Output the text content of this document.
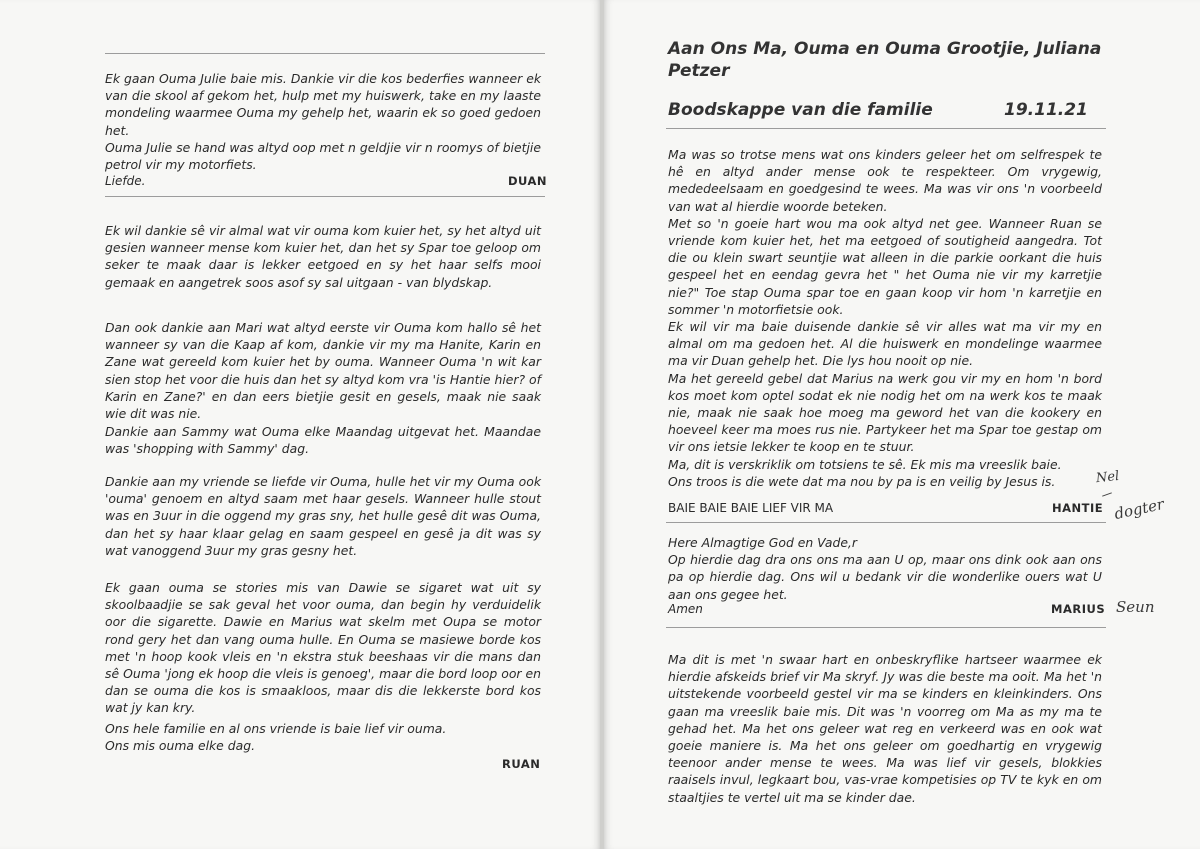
Ek gaan Ouma Julie baie mis. Dankie vir die kos bederfies wanneer ek van die skool af gekom het, hulp met my huiswerk, take en my laaste mondeling waarmee Ouma my gehelp het, waarin ek so goed gedoen het.
Ouma Julie se hand was altyd oop met n geldjie vir n roomys of bietjie petrol vir my motorfiets.

Liefde.	DUAN

Ek wil dankie sê vir almal wat vir ouma kom kuier het, sy het altyd uit gesien wanneer mense kom kuier het, dan het sy Spar toe geloop om seker te maak daar is lekker eetgoed en sy het haar selfs mooi gemaak en aangetrek soos asof sy sal uitgaan - van blydskap.

Dan ook dankie aan Mari wat altyd eerste vir Ouma kom hallo sê het wanneer sy van die Kaap af kom, dankie vir my ma Hanite, Karin en Zane wat gereeld kom kuier het by ouma. Wanneer Ouma 'n wit kar sien stop het voor die huis dan het sy altyd kom vra 'is Hantie hier? of Karin en Zane?' en dan eers bietjie gesit en gesels, maak nie saak wie dit was nie.

Dankie aan Sammy wat Ouma elke Maandag uitgevat het. Maandae was 'shopping with Sammy' dag.

Dankie aan my vriende se liefde vir Ouma, hulle het vir my Ouma ook 'ouma' genoem en altyd saam met haar gesels. Wanneer hulle stout was en 3uur in die oggend my gras sny, het hulle gesê dit was Ouma, dan het sy haar klaar gelag en saam gespeel en gesê ja dit was sy wat vanoggend 3uur my gras gesny het.

Ek gaan ouma se stories mis van Dawie se sigaret wat uit sy skoolbaadjie se sak geval het voor ouma, dan begin hy verduidelik oor die sigarette. Dawie en Marius wat skelm met Oupa se motor rond gery het dan vang ouma hulle. En Ouma se masiewe borde kos met 'n hoop kook vleis en 'n ekstra stuk beeshaas vir die mans dan sê Ouma 'jong ek hoop die vleis is genoeg', maar die bord loop oor en dan se ouma die kos is smaakloos, maar dis die lekkerste bord kos wat jy kan kry.

Ons hele familie en al ons vriende is baie lief vir ouma.
Ons mis ouma elke dag.

RUAN
Aan Ons Ma, Ouma en Ouma Grootjie, Juliana Petzer
Boodskappe van die familie	19.11.21

Ma was so trotse mens wat ons kinders geleer het om selfrespek te hê en altyd ander mense ook te respekteer. Om vrygewig, mededeelsaam en goedgesind te wees. Ma was vir ons 'n voorbeeld van wat al hierdie woorde beteken.
Met so 'n goeie hart wou ma ook altyd net gee. Wanneer Ruan se vriende kom kuier het, het ma eetgoed of soutigheid aangedra. Tot die ou klein swart seuntjie wat alleen in die parkie oorkant die huis gespeel het en eendag gevra het " het Ouma nie vir my karretjie nie?" Toe stap Ouma spar toe en gaan koop vir hom 'n karretjie en sommer 'n motorfietsie ook.
Ek wil vir ma baie duisende dankie sê vir alles wat ma vir my en almal om ma gedoen het. Al die huiswerk en mondelinge waarmee ma vir Duan gehelp het. Die lys hou nooit op nie.
Ma het gereeld gebel dat Marius na werk gou vir my en hom 'n bord kos moet kom optel sodat ek nie nodig het om na werk kos te maak nie, maak nie saak hoe moeg ma geword het van die kookery en hoeveel keer ma moes rus nie. Partykeer het ma Spar toe gestap om vir ons ietsie lekker te koop en te stuur.
Ma, dit is verskriklik om totsiens te sê. Ek mis ma vreeslik baie.
Ons troos is die wete dat ma nou by pa is en veilig by Jesus is.

BAIE BAIE BAIE LIEF VIR MA	HANTIE
Nel
dogter

Here Almagtige God en Vade,r
Op hierdie dag dra ons ons ma aan U op, maar ons dink ook aan ons pa op hierdie dag. Ons wil u bedank vir die wonderlike ouers wat U aan ons gegee het.

Amen	MARIUS Seun

Ma dit is met 'n swaar hart en onbeskryflike hartseer waarmee ek hierdie afskeids brief vir Ma skryf. Jy was die beste ma ooit. Ma het 'n uitstekende voorbeeld gestel vir ma se kinders en kleinkinders. Ons gaan ma vreeslik baie mis. Dit was 'n voorreg om Ma as my ma te gehad het. Ma het ons geleer wat reg en verkeerd was en ook wat goeie maniere is. Ma het ons geleer om goedhartig en vrygewig teenoor ander mense te wees. Ma was lief vir gesels, blokkies raaisels invul, legkaart bou, vas-vrae kompetisies op TV te kyk en om staaltjies te vertel uit ma se kinder dae.
